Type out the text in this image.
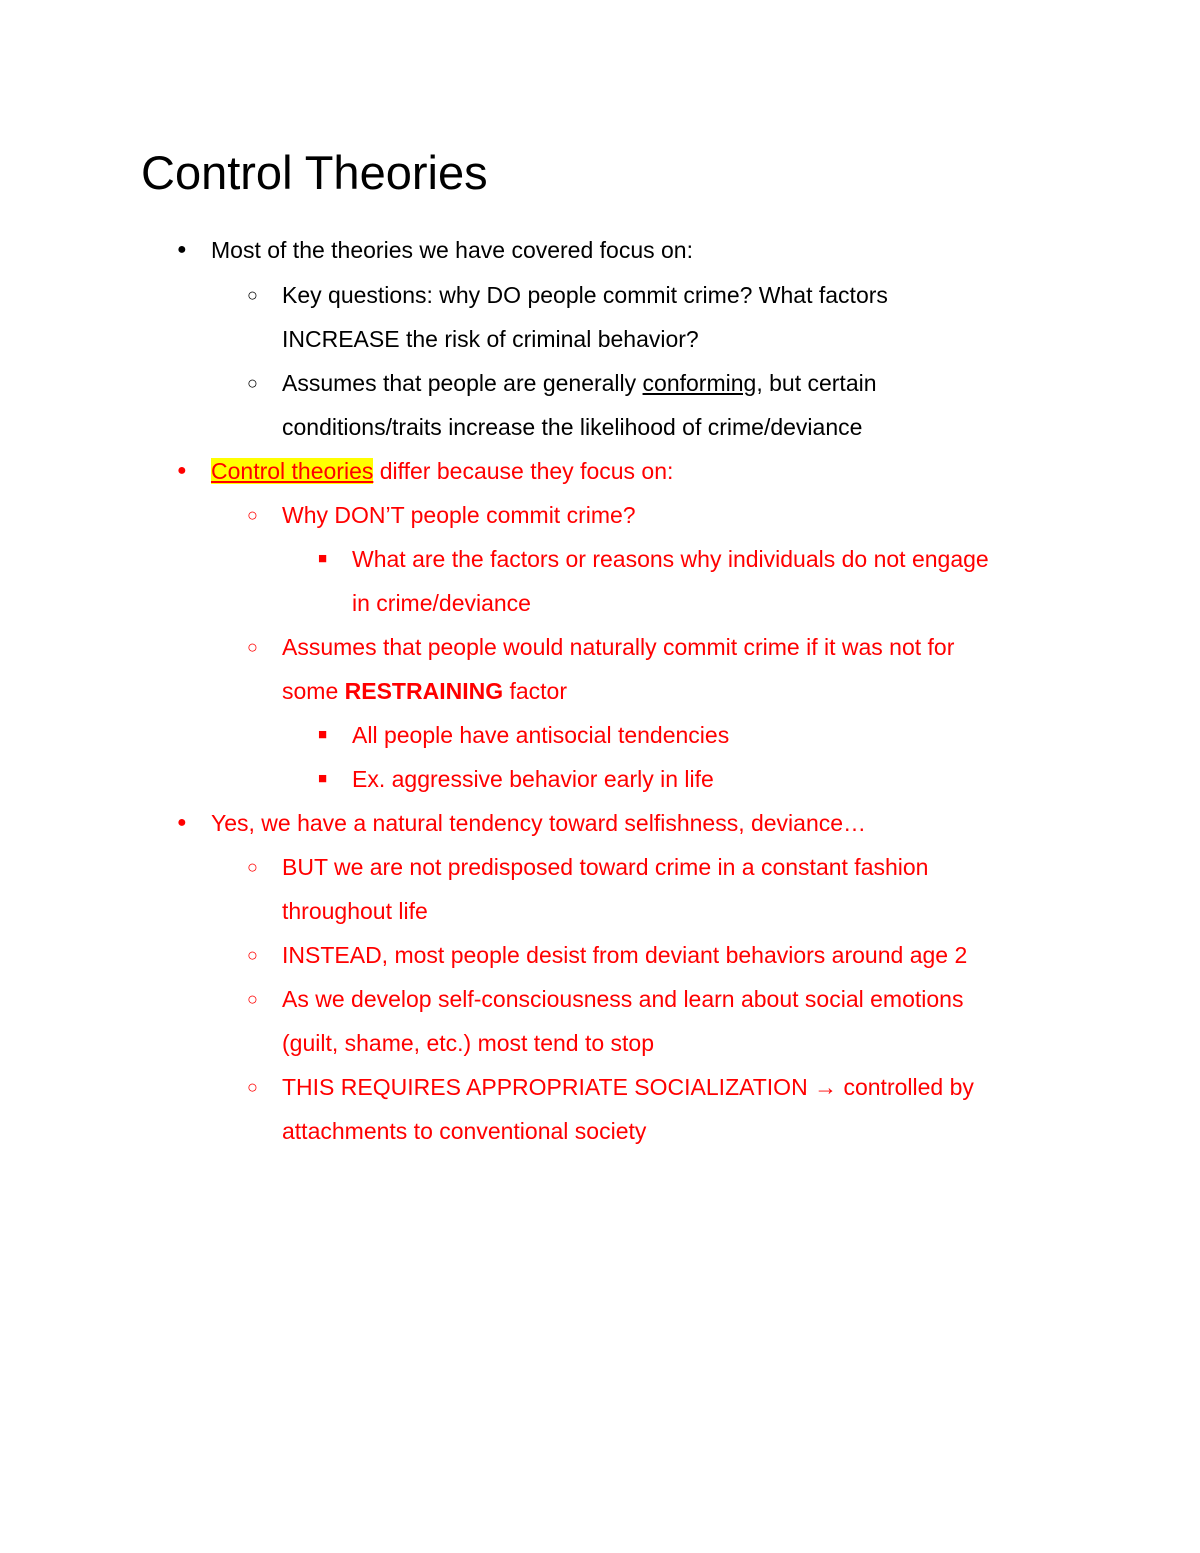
Control Theories
● Most of the theories we have covered focus on:
○ Key questions: why DO people commit crime? What factors
INCREASE the risk of criminal behavior?
○ Assumes that people are generally conforming, but certain
conditions/traits increase the likelihood of crime/deviance
● Control theories differ because they focus on:
○ Why DON’T people commit crime?
■ What are the factors or reasons why individuals do not engage
in crime/deviance
○ Assumes that people would naturally commit crime if it was not for
some RESTRAINING factor
■ All people have antisocial tendencies
■ Ex. aggressive behavior early in life
● Yes, we have a natural tendency toward selfishness, deviance…
○ BUT we are not predisposed toward crime in a constant fashion
throughout life
○ INSTEAD, most people desist from deviant behaviors around age 2
○ As we develop self-consciousness and learn about social emotions
(guilt, shame, etc.) most tend to stop
○ THIS REQUIRES APPROPRIATE SOCIALIZATION → controlled by
attachments to conventional society
